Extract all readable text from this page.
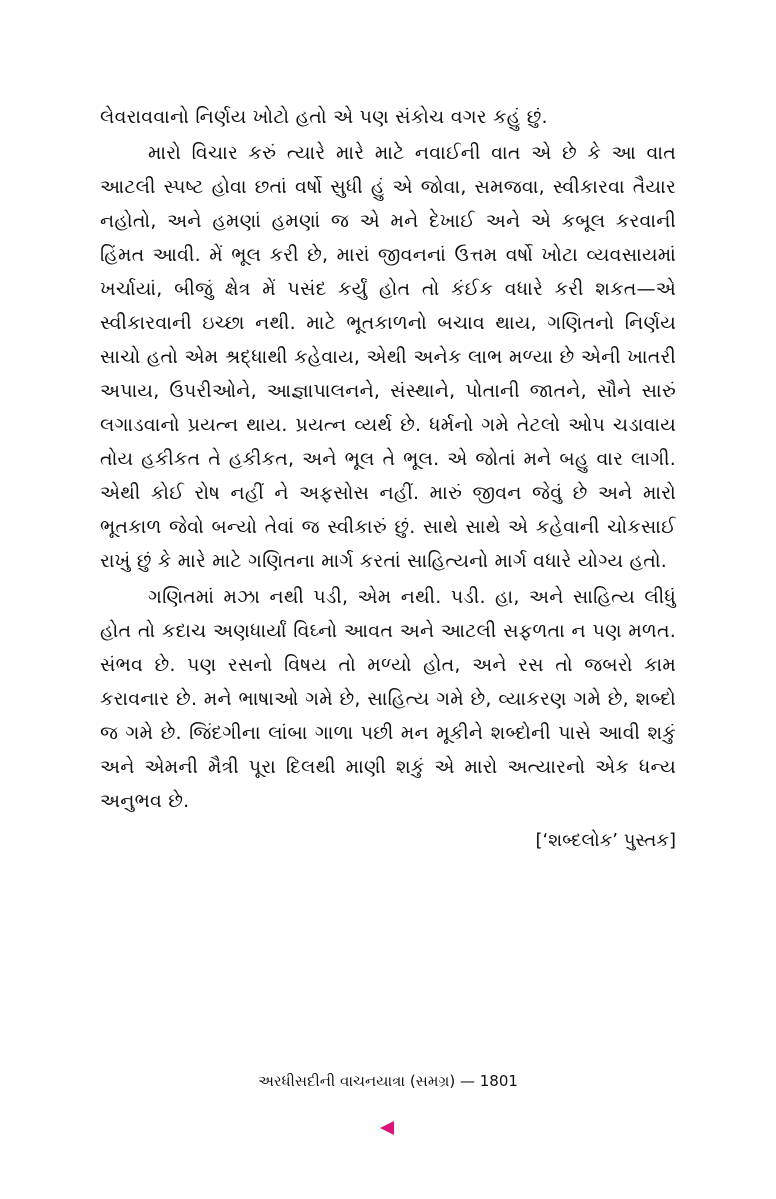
લેવરાવવાનો નિર્ણય ખોટો હતો એ પણ સંકોચ વગર કહું છું.

મારો વિચાર કરું ત્યારે મારે માટે નવાઈની વાત એ છે કે આ વાત આટલી સ્પષ્ટ હોવા છતાં વર્ષો સુધી હું એ જોવા, સમજવા, સ્વીકારવા તૈયાર નહોતો, અને હમણાં હમણાં જ એ મને દેખાઈ અને એ કબૂલ કરવાની હિંમત આવી. મેં ભૂલ કરી છે, મારાં જીવનનાં ઉત્તમ વર્ષો ખોટા વ્યવસાયમાં ખર્ચાયાં, બીજું ક્ષેત્ર મેં પસંદ કર્યું હોત તો કંઈક વધારે કરી શકત—એ સ્વીકારવાની ઇચ્છા નથી. માટે ભૂતકાળનો બચાવ થાય, ગણિતનો નિર્ણય સાચો હતો એમ શ્રદ્ધાથી કહેવાય, એથી અનેક લાભ મળ્યા છે એની ખાતરી અપાય, ઉપરીઓને, આજ્ઞાપાલનને, સંસ્થાને, પોતાની જાતને, સૌને સારું લગાડવાનો પ્રયત્ન થાય. પ્રયત્ન વ્યર્થ છે. ધર્મનો ગમે તેટલો ઓપ ચડાવાય તોય હકીકત તે હકીકત, અને ભૂલ તે ભૂલ. એ જોતાં મને બહુ વાર લાગી. એથી કોઈ રોષ નહીં ને અફસોસ નહીં. મારું જીવન જેવું છે અને મારો ભૂતકાળ જેવો બન્યો તેવાં જ સ્વીકારું છું. સાથે સાથે એ કહેવાની ચોકસાઈ રાખું છું કે મારે માટે ગણિતના માર્ગ કરતાં સાહિત્યનો માર્ગ વધારે યોગ્ય હતો.

ગણિતમાં મઝા નથી પડી, એમ નથી. પડી. હા, અને સાહિત્ય લીધું હોત તો કદાચ અણધાર્યાં વિઘ્નો આવત અને આટલી સફળતા ન પણ મળત. સંભવ છે. પણ રસનો વિષય તો મળ્યો હોત, અને રસ તો જબરો કામ કરાવનાર છે. મને ભાષાઓ ગમે છે, સાહિત્ય ગમે છે, વ્યાકરણ ગમે છે, શબ્દો જ ગમે છે. જિંદગીના લાંબા ગાળા પછી મન મૂકીને શબ્દોની પાસે આવી શકું અને એમની મૈત્રી પૂરા દિલથી માણી શકું એ મારો અત્યારનો એક ધન્ય અનુભવ છે.

[‘શબ્દલોક’ પુસ્તક]
અરધીસદીની વાચનયાત્રા (સમગ્ર) — 1801
